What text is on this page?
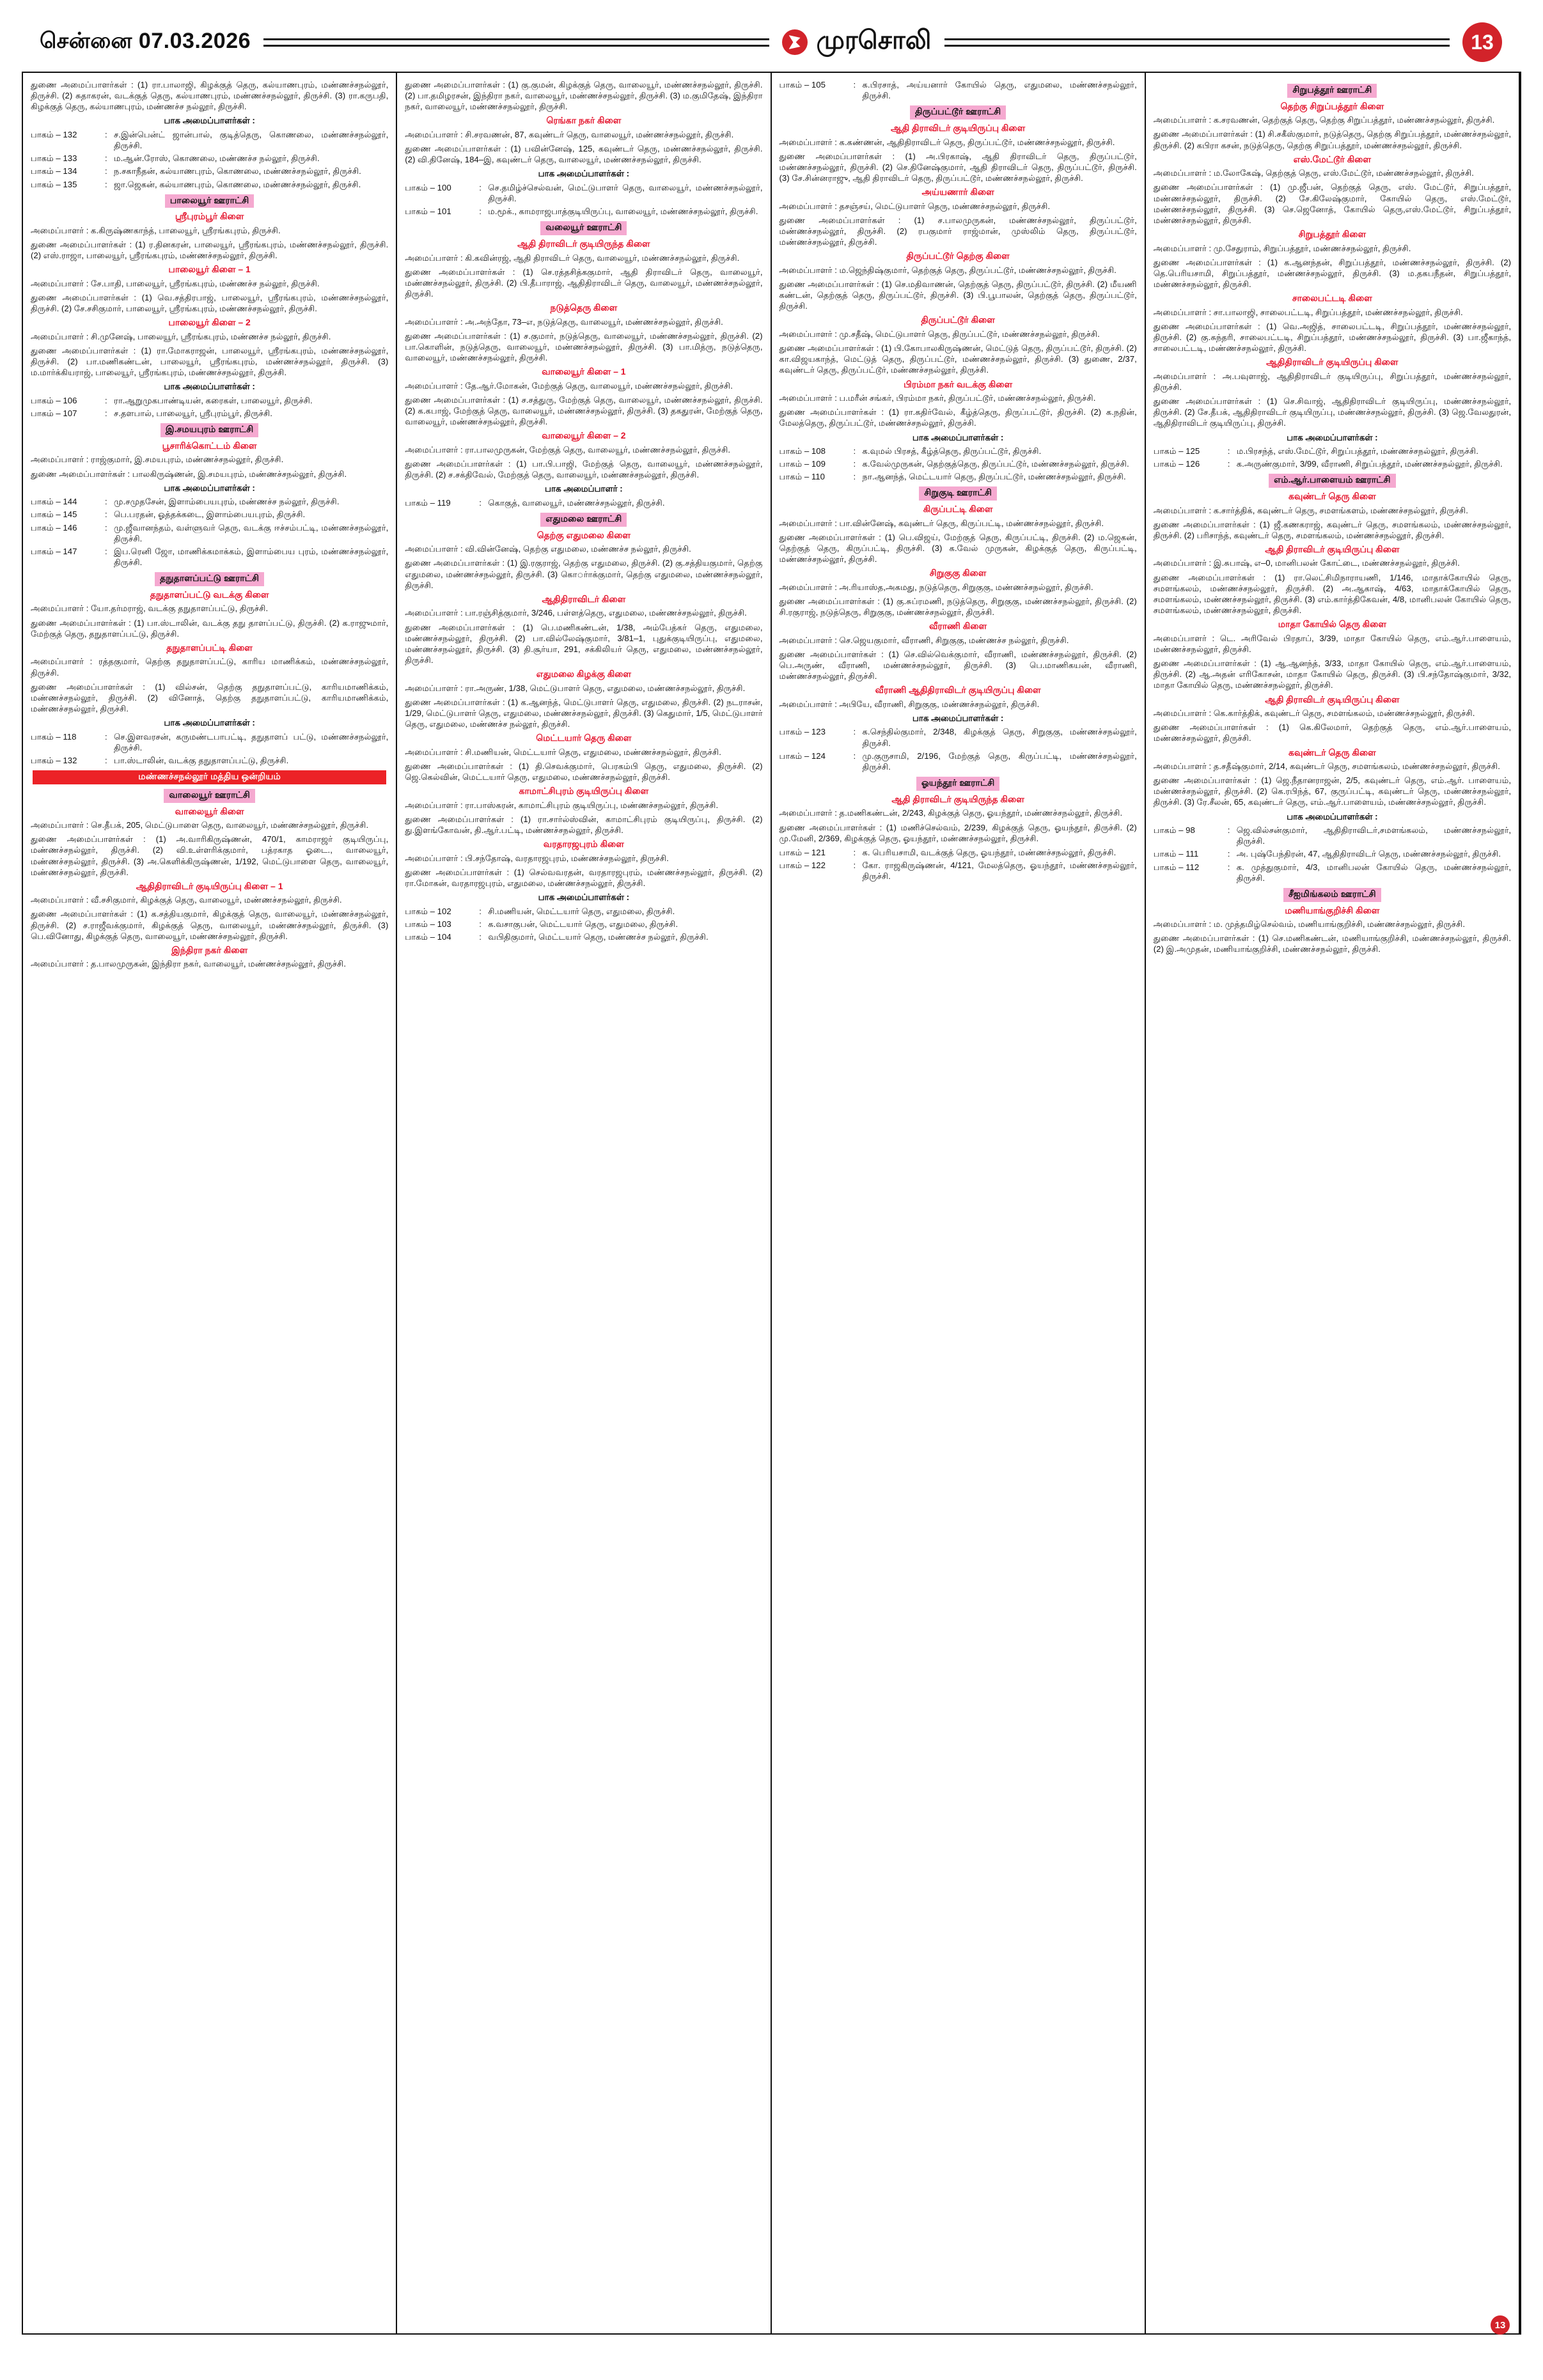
சென்னை 07.03.2026	முரசொலி	13

துணை அமைப்பாளர்கள் : (1) ரா.பாலாஜி, கிழக்குத் தெரு, கல்யாணபுரம், மண்ணச்சநல்லூர், திருச்சி. (2) சுதாகரன், வடக்குத் தெரு, கல்யாணபுரம், மண்ணச்சநல்லூர், திருச்சி. (3) ரா.கருபதி, கிழக்குத் தெரு, கல்யாணபுரம், மண்ணச்ச நல்லூர், திருச்சி.

பாக அமைப்பாளர்கள் :
பாகம் – 132	: ச.இன்பென்ட் ஜான்பால், குடித்தெரு, கொணலை, மண்ணச்சநல்லூர், திருச்சி.
பாகம் – 133	: ம.ஆன்.ரோஸ், கொணலை, மண்ணச்ச நல்லூர், திருச்சி.
பாகம் – 134	: ந.சகாநீதன், கல்யாணபுரம், கொணலை, மண்ணச்சநல்லூர், திருச்சி.
பாகம் – 135	: ஜா.ஜெகன், கல்யாணபுரம், கொணலை, மண்ணச்சநல்லூர், திருச்சி.
பாலையூர் ஊராட்சி
ஸ்ரீபுரம்பூர் கிளை

அமைப்பாளர் : க.கிருஷ்ணகாந்த், பாலையூர், ஸ்ரீரங்கபுரம், திருச்சி.

துணை அமைப்பாளர்கள் : (1) ர.தினகரன், பாலையூர், ஸ்ரீரங்கபுரம், மண்ணச்சநல்லூர், திருச்சி. (2) எஸ்.ராஜா, பாலையூர், ஸ்ரீரங்கபுரம், மண்ணச்சநல்லூர், திருச்சி.

பாலையூர் கிளை – 1

அமைப்பாளர் : சே.பாதி, பாலையூர், ஸ்ரீரங்கபுரம், மண்ணச்ச நல்லூர், திருச்சி.

துணை அமைப்பாளர்கள் : (1) வெ.சத்திரபாஜ், பாலையூர், ஸ்ரீரங்கபுரம், மண்ணச்சநல்லூர், திருச்சி. (2) சே.சசிகுமார், பாலையூர், ஸ்ரீரங்கபுரம், மண்ணச்சநல்லூர், திருச்சி.

பாலையூர் கிளை – 2

அமைப்பாளர் : சி.முனேஷ், பாலையூர், ஸ்ரீரங்கபுரம், மண்ணச்ச நல்லூர், திருச்சி.

துணை அமைப்பாளர்கள் : (1) ரா.மோகராஜன், பாலையூர், ஸ்ரீரங்கபுரம், மண்ணச்சநல்லூர், திருச்சி. (2) பா.மணிகண்டன், பாலையூர், ஸ்ரீரங்கபுரம், மண்ணச்சநல்லூர், திருச்சி. (3) ம.மார்க்கியராஜ், பாலையூர், ஸ்ரீரங்கபுரம், மண்ணச்சநல்லூர், திருச்சி.

பாக அமைப்பாளர்கள் :
பாகம் – 106	: ரா.ஆறுமுகபாண்டியன், கரைகள், பாலையூர், திருச்சி.
பாகம் – 107	: ச.தளபால், பாலையூர், ஸ்ரீபுரம்பூர், திருச்சி.
இ.சமயபுரம் ஊராட்சி
பூசாரிக்கொட்டம் கிளை

அமைப்பாளர் : ராஜ்குமார், இ.சமயபுரம், மண்ணச்சநல்லூர், திருச்சி.

துணை அமைப்பாளர்கள் : பாலகிருஷ்ணன், இ.சமயபுரம், மண்ணச்சநல்லூர், திருச்சி.

பாக அமைப்பாளர்கள் :
பாகம் – 144	: மு.சமுதசேன், இளாம்பையபுரம், மண்ணச்ச நல்லூர், திருச்சி.
பாகம் – 145	: பெ.பரதன், ஓத்தக்கடை, இளாம்பையபுரம், திருச்சி.
பாகம் – 146	: மு.ஜீவானந்தம், வள்ளுவர் தெரு, வடக்கு ஈச்சம்பட்டி, மண்ணச்சநல்லூர், திருச்சி.
பாகம் – 147	: இப.ரெனி ஜோ, மாணிக்கமாக்கம், இளாம்பைய புரம், மண்ணச்சநல்லூர், திருச்சி.
தநுதாளப்பட்டு ஊராட்சி
தநுதாளப்பட்டு வடக்கு கிளை

அமைப்பாளர் : யோ.தர்மராஜ், வடக்கு தநுதாளப்பட்டு, திருச்சி.

துணை அமைப்பாளர்கள் : (1) பா.ஸ்டாலின், வடக்கு தநு தாளப்பட்டு, திருச்சி. (2) க.ராஜுமார், மேற்குத் தெரு, தநுதாளப்பட்டு, திருச்சி.

தநுதாளப்பட்டி கிளை

அமைப்பாளர் : ரத்தகுமார், தெற்கு தநுதாளப்பட்டு, காரிய மாணிக்கம், மண்ணச்சநல்லூர், திருச்சி.

துணை அமைப்பாளர்கள் : (1) வில்சன், தெற்கு தநுதாளப்பட்டு, காரியமாணிக்கம், மண்ணச்சநல்லூர், திருச்சி. (2) வினோத், தெற்கு தநுதாளப்பட்டு, காரியமாணிக்கம், மண்ணச்சநல்லூர், திருச்சி.

பாக அமைப்பாளர்கள் :
பாகம் – 118	: செ.இளவரசன், கருமண்டபாபட்டி, தநுதாளப் பட்டு, மண்ணச்சநல்லூர், திருச்சி.
பாகம் – 132	: பா.ஸ்டாலின், வடக்கு தநுதாளப்பட்டு, திருச்சி.
மண்ணச்சநல்லூர் மத்திய ஒன்றியம்
வாலையூர் ஊராட்சி
வாலையூர் கிளை

அமைப்பாளர் : செ.தீபக், 205, மெட்டுபாளை தெரு, வாலையூர், மண்ணச்சநல்லூர், திருச்சி.

துணை அமைப்பாளர்கள் : (1) அ.வாரிகிருஷ்ணன், 470/1, காமராஜர் குடியிருப்பு, மண்ணச்சநல்லூர், திருச்சி. (2) வி.உள்ளரிக்குமார், பத்ரகாத ஓடை., வாலையூர், மண்ணச்சநல்லூர், திருச்சி. (3) அ.கெளிக்கிருஷ்ணன், 1/192, மெட்டுபாளை தெரு, வாலையூர், மண்ணச்சநல்லூர், திருச்சி.

ஆதிதிராவிடர் குடியிருப்பு கிளை – 1

அமைப்பாளர் : வீ.சசிகுமார், கிழக்குத் தெரு, வாலையூர், மண்ணச்சநல்லூர், திருச்சி.

துணை அமைப்பாளர்கள் : (1) க.சத்தியகுமார், கிழக்குத் தெரு, வாலையூர், மண்ணச்சநல்லூர், திருச்சி. (2) ச.ராஜீவக்குமார், கிழக்குத் தெரு, வாலையூர், மண்ணச்சநல்லூர், திருச்சி. (3) பெ.வினோது, கிழக்குத் தெரு, வாலையூர், மண்ணச்சநல்லூர், திருச்சி.

இந்திரா நகர் கிளை

அமைப்பாளர் : த.பாலமுருகன், இந்திரா நகர், வாலையூர், மண்ணச்சநல்லூர், திருச்சி.

துணை அமைப்பாளர்கள் : (1) கு.குமன், கிழக்குத் தெரு, வாலையூர், மண்ணச்சநல்லூர், திருச்சி. (2) பா.தமிழரசன், இந்திரா நகர், வாலையூர், மண்ணச்சநல்லூர், திருச்சி. (3) ம.குமிதேஷ், இந்திரா நகர், வாலையூர், மண்ணச்சநல்லூர், திருச்சி.

ரெங்கா நகர் கிளை

அமைப்பாளர் : சி.சரவணன், 87, கவுண்டர் தெரு, வாலையூர், மண்ணச்சநல்லூர், திருச்சி.

துணை அமைப்பாளர்கள் : (1) பவின்னேஷ், 125, கவுண்டர் தெரு, மண்ணச்சநல்லூர், திருச்சி. (2) வி.தினேஷ், 184–இ, கவுண்டர் தெரு, வாலையூர், மண்ணச்சநல்லூர், திருச்சி.

பாக அமைப்பாளர்கள் :
பாகம் – 100	: செ.தமிழ்ச்செல்வன், மெட்டுபாளர் தெரு, வாலையூர், மண்ணச்சநல்லூர், திருச்சி.
பாகம் – 101	: ம.மூக்., காமராஜபாத்குடியிருப்பு, வாலையூர், மண்ணச்சநல்லூர், திருச்சி.
வலையூர் ஊராட்சி
ஆதி திராவிடர் குடியிருந்த கிளை

அமைப்பாளர் : கி.கவின்ரஜ், ஆதி திராவிடர் தெரு, வாலையூர், மண்ணச்சநல்லூர், திருச்சி.

துணை அமைப்பாளர்கள் : (1) செ.ரத்தசித்ககுமார், ஆதி திராவிடர் தெரு, வாலையூர், மண்ணச்சநல்லூர், திருச்சி. (2) பி.தீபாராஜ், ஆதிதிராவிடர் தெரு, வாலையூர், மண்ணச்சநல்லூர், திருச்சி.

நடுத்தெரு கிளை

அமைப்பாளர் : அ.அந்தோ, 73–எ, நடுத்தெரு, வாலையூர், மண்ணச்சநல்லூர், திருச்சி.

துணை அமைப்பாளர்கள் : (1) ச.குமார், நடுத்தெரு, வாலையூர், மண்ணச்சநல்லூர், திருச்சி. (2) பா.கொளின், நடுத்தெரு, வாலையூர், மண்ணச்சநல்லூர், திருச்சி. (3) பா.மித்ரு, நடுத்தெரு, வாலையூர், மண்ணச்சநல்லூர், திருச்சி.

வாலையூர் கிளை – 1

அமைப்பாளர் : தே.ஆர்.மோகன், மேற்குத் தெரு, வாலையூர், மண்ணச்சநல்லூர், திருச்சி.

துணை அமைப்பாளர்கள் : (1) ச.சத்துரு, மேற்குத் தெரு, வாலையூர், மண்ணச்சநல்லூர், திருச்சி. (2) க.கபாஜ், மேற்குத் தெரு, வாலையூர், மண்ணச்சநல்லூர், திருச்சி. (3) தகதுரன், மேற்குத் தெரு, வாலையூர், மண்ணச்சநல்லூர், திருச்சி.

வாலையூர் கிளை – 2

அமைப்பாளர் : ரா.பாலமுருகன், மேற்குத் தெரு, வாலையூர், மண்ணச்சநல்லூர், திருச்சி.

துணை அமைப்பாளர்கள் : (1) பா.பி.பாஜி, மேற்குத் தெரு, வாலையூர், மண்ணச்சநல்லூர், திருச்சி. (2) ச.சக்திவேல், மேற்குத் தெரு, வாலையூர், மண்ணச்சநல்லூர், திருச்சி.

பாக அமைப்பாளர் :
பாகம் – 119	: கொகுத், வாலையூர், மண்ணச்சநல்லூர், திருச்சி.
எதுமலை ஊராட்சி
தெற்கு எதுமலை கிளை

அமைப்பாளர் : வி.வின்னேஷ், தெற்கு எதுமலை, மண்ணச்ச நல்லூர், திருச்சி.

துணை அமைப்பாளர்கள் : (1) இ.ரகுராஜ், தெற்கு எதுமலை, திருச்சி. (2) கு.சத்தியகுமார், தெற்கு எதுமலை, மண்ணச்சநல்லூர், திருச்சி. (3) கொர்ாக்குமார், தெற்கு எதுமலை, மண்ணச்சநல்லூர், திருச்சி.

ஆதிதிராவிடர் கிளை

அமைப்பாளர் : பா.ரஞ்சித்குமார், 3/246, பள்ளத்தெரு, எதுமலை, மண்ணச்சநல்லூர், திருச்சி.

துணை அமைப்பாளர்கள் : (1) பெ.மணிகண்டன், 1/38, அம்பேத்கர் தெரு, எதுமலை, மண்ணச்சநல்லூர், திருச்சி. (2) பா.வில்லேஷ்குமார், 3/81–1, புதுக்குடியிருப்பு, எதுமலை, மண்ணச்சநல்லூர், திருச்சி. (3) தி.சூர்யா, 291, சக்கிலியர் தெரு, எதுமலை, மண்ணச்சநல்லூர், திருச்சி.

எதுமலை கிழக்கு கிளை

அமைப்பாளர் : ரா.அருண், 1/38, மெட்டுபாளர் தெரு, எதுமலை, மண்ணச்சநல்லூர், திருச்சி.

துணை அமைப்பாளர்கள் : (1) க.ஆனந்த், மெட்டுபாளர் தெரு, எதுமலை, திருச்சி. (2) நடராசன், 1/29, மெட்டுபாளர் தெரு, எதுமலை, மண்ணச்சநல்லூர், திருச்சி. (3) கெதுமார், 1/5, மெட்டுபாளர் தெரு, எதுமலை, மண்ணச்ச நல்லூர், திருச்சி.

மெட்டயார் தெரு கிளை

அமைப்பாளர் : சி.மணியன், மெட்டயார் தெரு, எதுமலை, மண்ணச்சநல்லூர், திருச்சி.

துணை அமைப்பாளர்கள் : (1) தி.செவக்குமார், பெரகம்பி தெரு, எதுமலை, திருச்சி. (2) ஜெ.கெல்வின், மெட்டயார் தெரு, எதுமலை, மண்ணச்சநல்லூர், திருச்சி.

காமாட்சிபுரம் குடியிருப்பு கிளை

அமைப்பாளர் : ரா.பாஸ்கரன், காமாட்சிபுரம் குடியிருப்பு, மண்ணச்சநல்லூர், திருச்சி.

துணை அமைப்பாளர்கள் : (1) ரா.சார்ல்ஸ்வின், காமாட்சிபுரம் குடியிருப்பு, திருச்சி. (2) து.இளங்கோவன், தி.ஆர்.பட்டி, மண்ணச்சநல்லூர், திருச்சி.

வரதாரஜபுரம் கிளை

அமைப்பாளர் : பி.சந்தோஷ், வரதாரஜபுரம், மண்ணச்சநல்லூர், திருச்சி.

துணை அமைப்பாளர்கள் : (1) செல்வவரதன், வரதாரஜபுரம், மண்ணச்சநல்லூர், திருச்சி. (2) ரா.மோகன், வரதாரஜபுரம், எதுமலை, மண்ணச்சநல்லூர், திருச்சி.

பாக அமைப்பாளர்கள் :
பாகம் – 102	: சி.மணியன், மெட்டயார் தெரு, எதுமலை, திருச்சி.
பாகம் – 103	: க.வசாகுபன், மெட்டயார் தெரு, எதுமலை, திருச்சி.
பாகம் – 104	: வபிதிகுமார், மெட்டயார் தெரு, மண்ணச்ச நல்லூர், திருச்சி.
பாகம் – 105	: க.பிரசாத், அய்யனார் கோயில் தெரு, எதுமலை, மண்ணச்சநல்லூர், திருச்சி.
திருப்பட்டூர் ஊராட்சி
ஆதி திராவிடர் குடியிருப்பு கிளை

அமைப்பாளர் : க.கண்ணன், ஆதிதிராவிடர் தெரு, திருப்பட்டூர், மண்ணச்சநல்லூர், திருச்சி.

துணை அமைப்பாளர்கள் : (1) அ.பிரகாஷ், ஆதி திராவிடர் தெரு, திருப்பட்டூர், மண்ணச்சநல்லூர், திருச்சி. (2) செ.தினேஷ்குமார், ஆதி திராவிடர் தெரு, திருப்பட்டூர், திருச்சி. (3) சே.சின்னராஜு, ஆதி திராவிடர் தெரு, திருப்பட்டூர், மண்ணச்சநல்லூர், திருச்சி.

அய்யணார் கிளை

அமைப்பாளர் : தசஞ்சய், மெட்டுபாளர் தெரு, மண்ணச்சநல்லூர், திருச்சி.

துணை அமைப்பாளர்கள் : (1) ச.பாலமுருகன், மண்ணச்சநல்லூர், திருப்பட்டூர், மண்ணச்சநல்லூர், திருச்சி. (2) ரபகுமார் ராஜ்மான், முஸ்லிம் தெரு, திருப்பட்டூர், மண்ணச்சநல்லூர், திருச்சி.

திருப்பட்டூர் தெற்கு கிளை

அமைப்பாளர் : ம.ஜெந்திஷ்குமார், தெற்குத் தெரு, திருப்பட்டூர், மண்ணச்சநல்லூர், திருச்சி.

துணை அமைப்பாளர்கள் : (1) செ.மதிவாணன், தெற்குத் தெரு, திருப்பட்டூர், திருச்சி. (2) மீயணி கண்டன், தெற்குத் தெரு, திருப்பட்டூர், திருச்சி. (3) பி.பூபாலன், தெற்குத் தெரு, திருப்பட்டூர், திருச்சி.

திருப்பட்டூர் கிளை

அமைப்பாளர் : மு.சதீஷ், மெட்டுபாளர் தெரு, திருப்பட்டூர், மண்ணச்சநல்லூர், திருச்சி.

துணை அமைப்பாளர்கள் : (1) பி.கோபாலகிருஷ்ணன், மெட்டுத் தெரு, திருப்பட்டூர், திருச்சி. (2) கா.விஜயகாந்த், மெட்டுத் தெரு, திருப்பட்டூர், மண்ணச்சநல்லூர், திருச்சி. (3) துணை, 2/37, கவுண்டர் தெரு, திருப்பட்டூர், மண்ணச்சநல்லூர், திருச்சி.

பிரம்மா நகர் வடக்கு கிளை

அமைப்பாளர் : ப.மரீன் சங்கர், பிரம்மா நகர், திருப்பட்டூர், மண்ணச்சநல்லூர், திருச்சி.

துணை அமைப்பாளர்கள் : (1) ரா.கதிர்வேல், கீழ்த்தெரு, திருப்பட்டூர், திருச்சி. (2) க.நதின், மேலத்தெரு, திருப்பட்டூர், மண்ணச்சநல்லூர், திருச்சி.

பாக அமைப்பாளர்கள் :
பாகம் – 108	: க.வுமல் பிரசத், கீழ்த்தெரு, திருப்பட்டூர், திருச்சி.
பாகம் – 109	: க.வேல்முருகன், தெற்குத்தெரு, திருப்பட்டூர், மண்ணச்சநல்லூர், திருச்சி.
பாகம் – 110	: நா.ஆனந்த், மெட்டயார் தெரு, திருப்பட்டூர், மண்ணச்சநல்லூர், திருச்சி.
சிறுகுடி ஊராட்சி
கிருப்பட்டி கிளை

அமைப்பாளர் : பா.வின்னேஷ், கவுண்டர் தெரு, கிருப்பட்டி, மண்ணச்சநல்லூர், திருச்சி.

துணை அமைப்பாளர்கள் : (1) பெ.விஜய், மேற்குத் தெரு, கிருப்பட்டி, திருச்சி. (2) ம.ஜெகன், தெற்குத் தெரு, கிருப்பட்டி, திருச்சி. (3) க.வேல் முருகன், கிழக்குத் தெரு, கிருப்பட்டி, மண்ணச்சநல்லூர், திருச்சி.

சிறுகுகு கிளை

அமைப்பாளர் : அ.ரியாஸ்த,அகமது, நடுத்தெரு, சிறுகுகு, மண்ணச்சநல்லூர், திருச்சி.

துணை அமைப்பாளர்கள் : (1) கு.சுப்ரமணி, நடுத்தெரு, சிறுகுகு, மண்ணச்சநல்லூர், திருச்சி. (2) சி.ரகுராஜ், நடுத்தெரு, சிறுகுகு, மண்ணச்சநல்லூர், திருச்சி.

வீராணி கிளை

அமைப்பாளர் : செ.ஜெயகுமார், வீராணி, சிறுகுகு, மண்ணச்ச நல்லூர், திருச்சி.

துணை அமைப்பாளர்கள் : (1) செ.வில்வெக்குமார், வீராணி, மண்ணச்சநல்லூர், திருச்சி. (2) பெ.அருண், வீராணி, மண்ணச்சநல்லூர், திருச்சி. (3) பெ.மாணிகயன், வீராணி, மண்ணச்சநல்லூர், திருச்சி.

வீராணி ஆதிதிராவிடர் குடியிருப்பு கிளை

அமைப்பாளர் : அபியே, வீராணி, சிறுகுகு, மண்ணச்சநல்லூர், திருச்சி.

பாக அமைப்பாளர்கள் :
பாகம் – 123	: க.செந்தில்குமார், 2/348, கிழக்குத் தெரு, சிறுகுகு, மண்ணச்சநல்லூர், திருச்சி.
பாகம் – 124	: மு.குருசாமி, 2/196, மேற்குத் தெரு, கிருப்பட்டி, மண்ணச்சநல்லூர், திருச்சி.
ஓயந்தூர் ஊராட்சி
ஆதி திராவிடர் குடியிருந்த கிளை

அமைப்பாளர் : த.மணிகண்டன், 2/243, கிழக்குத் தெரு, ஓயந்தூர், மண்ணச்சநல்லூர், திருச்சி.

துணை அமைப்பாளர்கள் : (1) மணிச்செல்வம், 2/239, கிழக்குத் தெரு, ஓயந்தூர், திருச்சி. (2) மு.மேனி, 2/369, கிழக்குத் தெரு, ஓயந்தூர், மண்ணச்சநல்லூர், திருச்சி.

பாகம் – 121	: க. பெரியசாமி, வடக்குத் தெரு, ஓயந்தூர், மண்ணச்சநல்லூர், திருச்சி.
பாகம் – 122	: கோ. ராஜகிருஷ்ணன், 4/121, மேலத்தெரு, ஓயந்தூர், மண்ணச்சநல்லூர், திருச்சி.
சிறுபத்தூர் ஊராட்சி
தெற்கு சிறுப்பத்தூர் கிளை

அமைப்பாளர் : க.சரவணன், தெற்குத் தெரு, தெற்கு சிறுப்பத்தூர், மண்ணச்சநல்லூர், திருச்சி.

துணை அமைப்பாளர்கள் : (1) சி.சகீஸ்குமார், நடுத்தெரு, தெற்கு சிறுப்பத்தூர், மண்ணச்சநல்லூர், திருச்சி. (2) கபிரா கசன், நடுத்தெரு, தெற்கு சிறுப்பத்தூர், மண்ணச்சநல்லூர், திருச்சி.

எஸ்.மேட்டூர் கிளை

அமைப்பாளர் : ம.லோகேஷ், தெற்குத் தெரு, எஸ்.மேட்டூர், மண்ணச்சநல்லூர், திருச்சி.

துணை அமைப்பாளர்கள் : (1) மு.ஜீபன், தெற்குத் தெரு, எஸ். மேட்டூர், சிறுப்பத்தூர், மண்ணச்சநல்லூர், திருச்சி. (2) சே.கிலேஷ்குமார், கோயில் தெரு, எஸ்.மேட்டூர், மண்ணச்சநல்லூர், திருச்சி. (3) செ.ஜெனோத், கோயில் தெரு,எஸ்.மேட்டூர், சிறுப்பத்தூர், மண்ணச்சநல்லூர், திருச்சி.

சிறுபத்தூர் கிளை

அமைப்பாளர் : மு.சேதுராம், சிறுப்பத்தூர், மண்ணச்சநல்லூர், திருச்சி.

துணை அமைப்பாளர்கள் : (1) க.ஆனந்தன், சிறுப்பத்தூர், மண்ணச்சநல்லூர், திருச்சி. (2) தெ.பெரியசாமி, சிறுப்பத்தூர், மண்ணச்சநல்லூர், திருச்சி. (3) ம.தகபநீதன், சிறுப்பத்தூர், மண்ணச்சநல்லூர், திருச்சி.

சாலைபட்டடி கிளை

அமைப்பாளர் : சா.பாலாஜி, சாலைபட்டடி, சிறுப்பத்தூர், மண்ணச்சநல்லூர், திருச்சி.

துணை அமைப்பாளர்கள் : (1) வெ.அஜித், சாலைபட்டடி, சிறுப்பத்தூர், மண்ணச்சநல்லூர், திருச்சி. (2) கு.சுந்தரி, சாலைபட்டடி, சிறுப்பத்தூர், மண்ணச்சநல்லூர், திருச்சி. (3) பா.ஜீகாந்த், சாலைபட்டடி, மண்ணச்சநல்லூர், திருச்சி.

ஆதிதிராவிடர் குடியிருப்பு கிளை

அமைப்பாளர் : அ.பவுளாஜ், ஆதிதிராவிடர் குடியிருப்பு, சிறுப்பத்தூர், மண்ணச்சநல்லூர், திருச்சி.

துணை அமைப்பாளர்கள் : (1) செ.சிவாஜ், ஆதிதிராவிடர் குடியிருப்பு, மண்ணச்சநல்லூர், திருச்சி. (2) சே.தீபக், ஆதிதிராவிடர் குடியிருப்பு, மண்ணச்சநல்லூர், திருச்சி. (3) ஜெ.வேலதுரன், ஆதிதிராவிடர் குடியிருப்பு, திருச்சி.

பாக அமைப்பாளர்கள் :
பாகம் – 125	: ம.பிரசந்த், எஸ்.மேட்டூர், சிறுப்பத்தூர், மண்ணச்சநல்லூர், திருச்சி.
பாகம் – 126	: க.அருண்குமார், 3/99, வீராணி, சிறுப்பத்தூர், மண்ணச்சநல்லூர், திருச்சி.
எம்.ஆர்.பாளையம் ஊராட்சி
கவுண்டர் தெரு கிளை

அமைப்பாளர் : க.சார்த்திக், கவுண்டர் தெரு, சமளங்களம், மண்ணச்சநல்லூர், திருச்சி.

துணை அமைப்பாளர்கள் : (1) ஜீ.கணகராஜ், கவுண்டர் தெரு, சமளங்கலம், மண்ணச்சநல்லூர், திருச்சி. (2) பரிசாந்த், கவுண்டர் தெரு, சமளங்கலம், மண்ணச்சநல்லூர், திருச்சி.

ஆதி திராவிடர் குடியிருப்பு கிளை

அமைப்பாளர் : இ.சுபாஷ், எ–0, மானிபலன் கோட்டை, மண்ணச்சநல்லூர், திருச்சி.

துணை அமைப்பாளர்கள் : (1) ரா.லெட்சிமிநாராயணி, 1/146, மாதாக்கோயில் தெரு, சமளங்கலம், மண்ணச்சநல்லூர், திருச்சி. (2) அ.ஆகாஷ், 4/63, மாதாக்கோயில் தெரு, சமளங்கலம், மண்ணச்சநல்லூர், திருச்சி. (3) எம்.கார்த்திகேவன், 4/8, மானிபலன் கோயில் தெரு, சமளங்கலம், மண்ணச்சநல்லூர், திருச்சி.

மாதா கோயில் தெரு கிளை

அமைப்பாளர் : டெ. அரிவேல் பிரதாப், 3/39, மாதா கோயில் தெரு, எம்.ஆர்.பாளையம், மண்ணச்சநல்லூர், திருச்சி.

துணை அமைப்பாளர்கள் : (1) ஆ.ஆனந்த், 3/33, மாதா கோயில் தெரு, எம்.ஆர்.பாளையம், திருச்சி. (2) ஆ.அதன் எரிகோசன், மாதா கோயில் தெரு, திருச்சி. (3) பி.சந்தோஷ்குமார், 3/32, மாதா கோயில் தெரு, மண்ணச்சநல்லூர், திருச்சி.

ஆதி திராவிடர் குடியிருப்பு கிளை

அமைப்பாளர் : கெ.கார்த்திக், கவுண்டர் தெரு, சமளங்கலம், மண்ணச்சநல்லூர், திருச்சி.

துணை அமைப்பாளர்கள் : (1) கெ.கிலேமார், தெற்குத் தெரு, எம்.ஆர்.பாளையம், மண்ணச்சநல்லூர், திருச்சி.

கவுண்டர் தெரு கிளை

அமைப்பாளர் : த.சதீஷ்குமார், 2/14, கவுண்டர் தெரு, சமளங்கலம், மண்ணச்சநல்லூர், திருச்சி.

துணை அமைப்பாளர்கள் : (1) ஜெ.நீதானராஜன், 2/5, கவுண்டர் தெரு, எம்.ஆர். பாளையம், மண்ணச்சநல்லூர், திருச்சி. (2) கெ.ரபிந்த், 67, குருப்பட்டி, கவுண்டர் தெரு, மண்ணச்சநல்லூர், திருச்சி. (3) ரே.சீலன், 65, கவுண்டர் தெரு, எம்.ஆர்.பாளையம், மண்ணச்சநல்லூர், திருச்சி.

பாக அமைப்பாளர்கள் :
பாகம் – 98	: ஜெ.வில்சன்குமார், ஆதிதிராவிடர்,சமளங்கலம், மண்ணச்சநல்லூர், திருச்சி.
பாகம் – 111	: அ. புஷ்பேந்திரன், 47, ஆதிதிராவிடர் தெரு, மண்ணச்சநல்லூர், திருச்சி.
பாகம் – 112	: க. முத்துகுமார், 4/3, மானிபலன் கோயில் தெரு, மண்ணச்சநல்லூர், திருச்சி.
சீஐமிங்கலம் ஊராட்சி
மணியாங்குறிச்சி கிளை

அமைப்பாளர் : ம. முத்தமிழ்செல்வம், மணியாங்குறிச்சி, மண்ணச்சநல்லூர், திருச்சி.

துணை அமைப்பாளர்கள் : (1) செ.மணிகண்டன், மணியாங்குறிச்சி, மண்ணச்சநல்லூர், திருச்சி. (2) இ.அமுதன், மணியாங்குறிச்சி, மண்ணச்சநல்லூர், திருச்சி.

13
